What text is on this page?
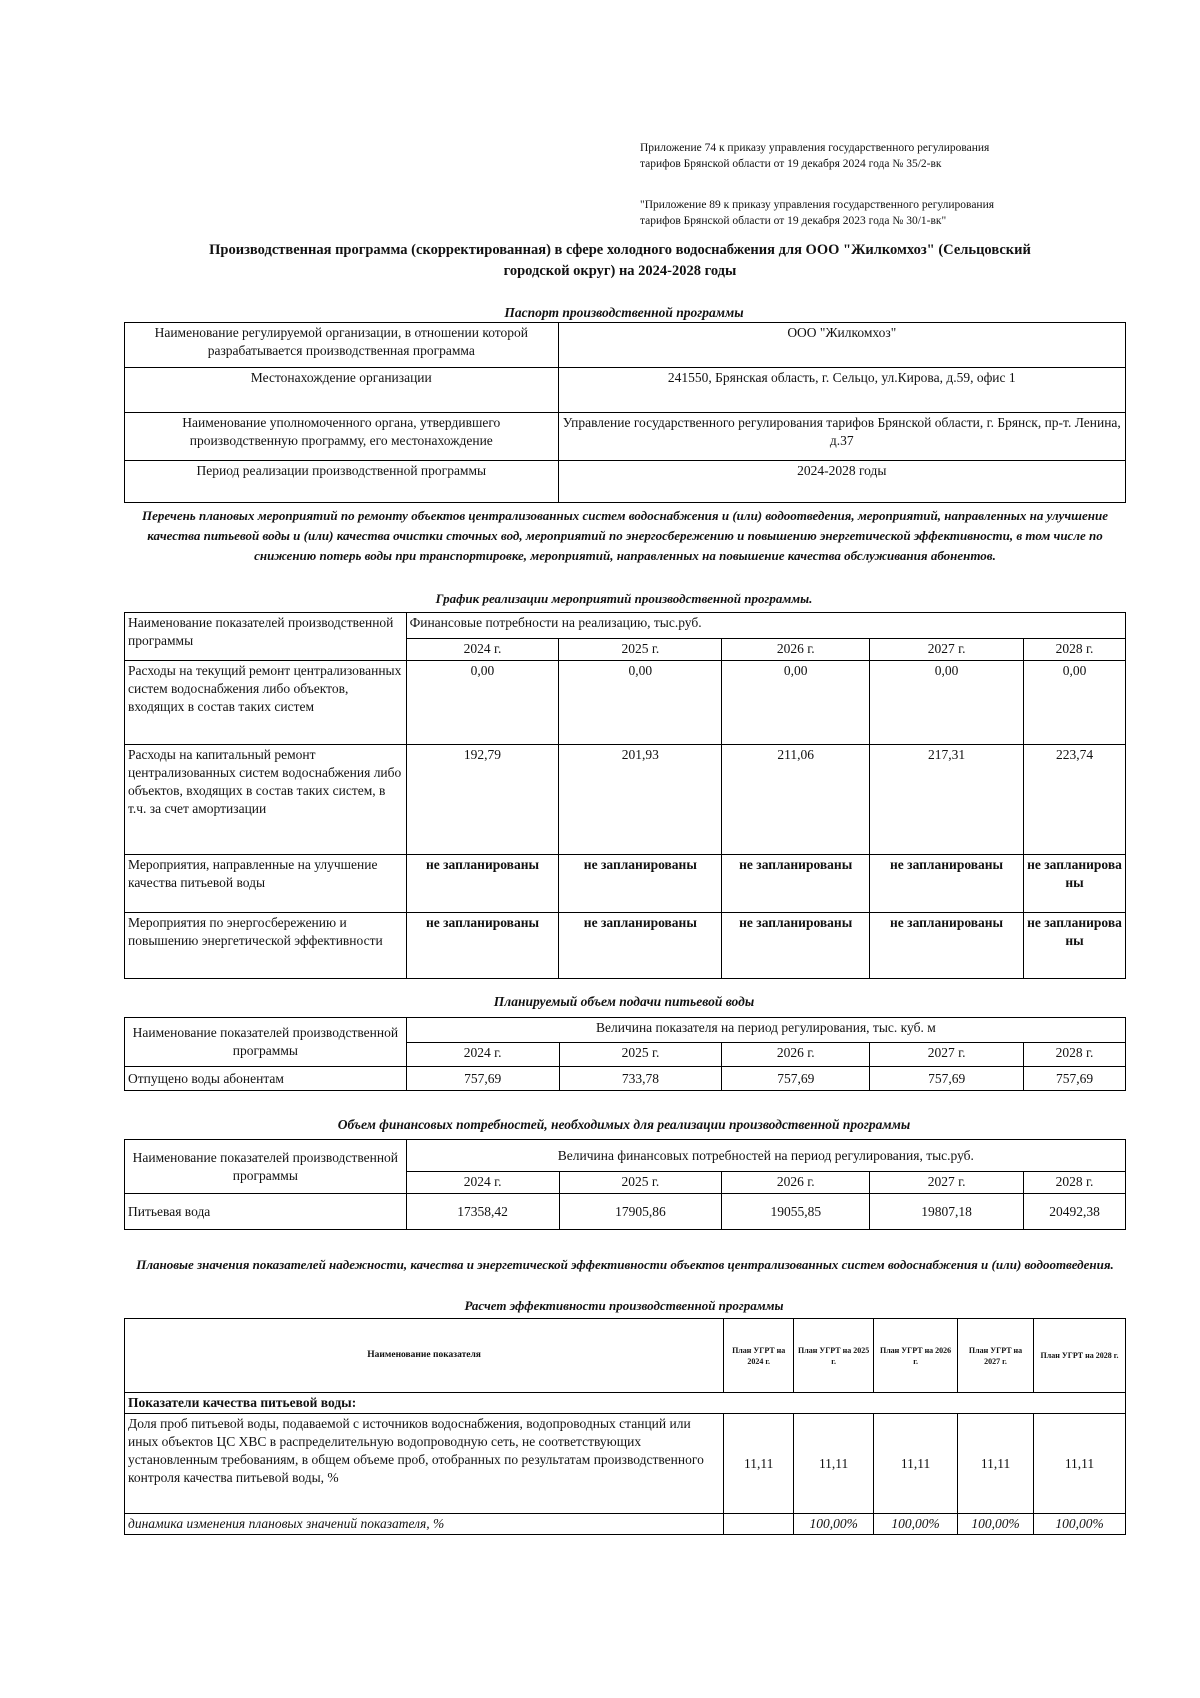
Приложение 74 к приказу управления государственного регулирования
тарифов Брянской области от 19 декабря 2024 года № 35/2-вк
"Приложение 89 к приказу управления государственного регулирования
тарифов Брянской области от 19 декабря 2023 года № 30/1-вк"
Производственная программа (скорректированная) в сфере холодного водоснабжения для ООО "Жилкомхоз" (Сельцовский
городской округ) на 2024-2028 годы
Паспорт производственной программы
Наименование регулируемой организации, в отношении которой разрабатывается производственная программа	ООО "Жилкомхоз"
Местонахождение организации	241550, Брянская область, г. Сельцо, ул.Кирова, д.59, офис 1
Наименование уполномоченного органа, утвердившего производственную программу, его местонахождение	Управление государственного регулирования тарифов Брянской области, г. Брянск, пр-т. Ленина, д.37
Период реализации производственной программы	2024-2028 годы
Перечень плановых мероприятий по ремонту объектов централизованных систем водоснабжения и (или) водоотведения, мероприятий, направленных на улучшение качества питьевой воды и (или) качества очистки сточных вод, мероприятий по энергосбережению и повышению энергетической эффективности, в том числе по снижению потерь воды при транспортировке, мероприятий, направленных на повышение качества обслуживания абонентов.
График реализации мероприятий производственной программы.
Наименование показателей производственной программы	Финансовые потребности на реализацию, тыс.руб.				
	2024 г.	2025 г.	2026 г.	2027 г.	2028 г.
Расходы на текущий ремонт централизованных систем водоснабжения либо объектов, входящих в состав таких систем	0,00	0,00	0,00	0,00	0,00
Расходы на капитальный ремонт централизованных систем водоснабжения либо объектов, входящих в состав таких систем, в т.ч. за счет амортизации	192,79	201,93	211,06	217,31	223,74
Мероприятия, направленные на улучшение качества питьевой воды	не запланированы	не запланированы	не запланированы	не запланированы	не запланирова ны
Мероприятия по энергосбережению и повышению энергетической эффективности	не запланированы	не запланированы	не запланированы	не запланированы	не запланирова ны
Планируемый объем подачи питьевой воды
Наименование показателей производственной программы	Величина показателя на период регулирования, тыс. куб. м				
	2024 г.	2025 г.	2026 г.	2027 г.	2028 г.
Отпущено воды абонентам	757,69	733,78	757,69	757,69	757,69
Объем финансовых потребностей, необходимых для реализации производственной программы
Наименование показателей производственной программы	Величина финансовых потребностей на период регулирования, тыс.руб.				
	2024 г.	2025 г.	2026 г.	2027 г.	2028 г.
Питьевая вода	17358,42	17905,86	19055,85	19807,18	20492,38
Плановые значения показателей надежности, качества и энергетической эффективности объектов централизованных систем водоснабжения и (или) водоотведения.
Расчет эффективности производственной программы
Наименование показателя	План УГРТ на 2024 г.	План УГРТ на 2025 г.	План УГРТ на 2026 г.	План УГРТ на 2027 г.	План УГРТ на 2028 г.
Показатели качества питьевой воды:					
Доля проб питьевой воды, подаваемой с источников водоснабжения, водопроводных станций или иных объектов ЦС ХВС в распределительную водопроводную сеть, не соответствующих установленным требованиям, в общем объеме проб, отобранных по результатам производственного контроля качества питьевой воды, %	11,11	11,11	11,11	11,11	11,11
динамика изменения плановых значений показателя, %		100,00%	100,00%	100,00%	100,00%
